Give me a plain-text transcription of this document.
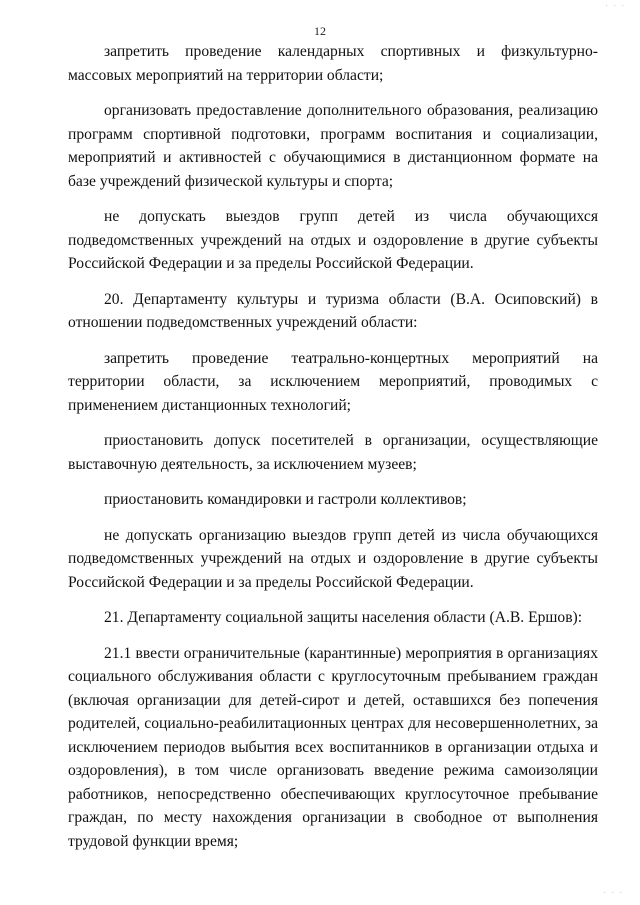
· · ·
12

запретить проведение календарных спортивных и физкультурно-массовых мероприятий на территории области;

организовать предоставление дополнительного образования, реализацию программ спортивной подготовки, программ воспитания и социализации, мероприятий и активностей с обучающимися в дистанционном формате на базе учреждений физической культуры и спорта;

не допускать выездов групп детей из числа обучающихся подведомственных учреждений на отдых и оздоровление в другие субъекты Российской Федерации и за пределы Российской Федерации.

20. Департаменту культуры и туризма области (В.А. Осиповский) в отношении подведомственных учреждений области:

запретить проведение театрально-концертных мероприятий на территории области, за исключением мероприятий, проводимых с применением дистанционных технологий;

приостановить допуск посетителей в организации, осуществляющие выставочную деятельность, за исключением музеев;

приостановить командировки и гастроли коллективов;

не допускать организацию выездов групп детей из числа обучающихся подведомственных учреждений на отдых и оздоровление в другие субъекты Российской Федерации и за пределы Российской Федерации.

21. Департаменту социальной защиты населения области (А.В. Ершов):

21.1 ввести ограничительные (карантинные) мероприятия в организациях социального обслуживания области с круглосуточным пребыванием граждан (включая организации для детей-сирот и детей, оставшихся без попечения родителей, социально-реабилитационных центрах для несовершеннолетних, за исключением периодов выбытия всех воспитанников в организации отдыха и оздоровления), в том числе организовать введение режима самоизоляции работников, непосредственно обеспечивающих круглосуточное пребывание граждан, по месту нахождения организации в свободное от выполнения трудовой функции время;

· · ·
